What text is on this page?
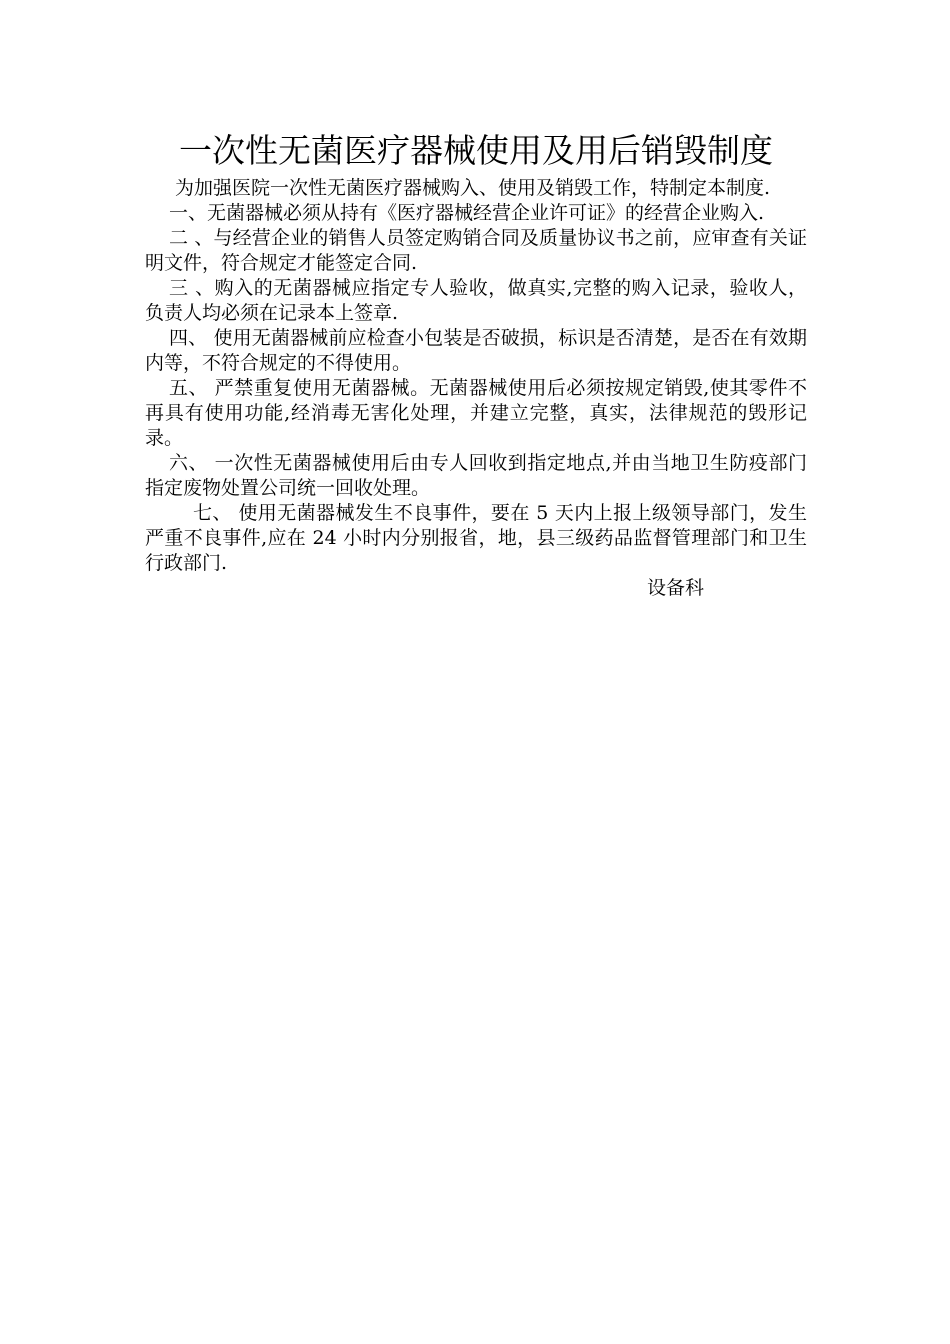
一次性无菌医疗器械使用及用后销毁制度

为加强医院一次性无菌医疗器械购入、使用及销毁工作，特制定本制度.

一、无菌器械必须从持有《医疗器械经营企业许可证》的经营企业购入.

二 、与经营企业的销售人员签定购销合同及质量协议书之前，应审查有关证明文件，符合规定才能签定合同.

三 、购入的无菌器械应指定专人验收，做真实,完整的购入记录，验收人，负责人均必须在记录本上签章.

四、 使用无菌器械前应检查小包装是否破损，标识是否清楚，是否在有效期内等，不符合规定的不得使用。

五、 严禁重复使用无菌器械。无菌器械使用后必须按规定销毁,使其零件不再具有使用功能,经消毒无害化处理，并建立完整，真实，法律规范的毁形记录。

六、 一次性无菌器械使用后由专人回收到指定地点,并由当地卫生防疫部门指定废物处置公司统一回收处理。

七、 使用无菌器械发生不良事件，要在 5 天内上报上级领导部门，发生严重不良事件,应在 24 小时内分别报省，地，县三级药品监督管理部门和卫生行政部门.

设备科
